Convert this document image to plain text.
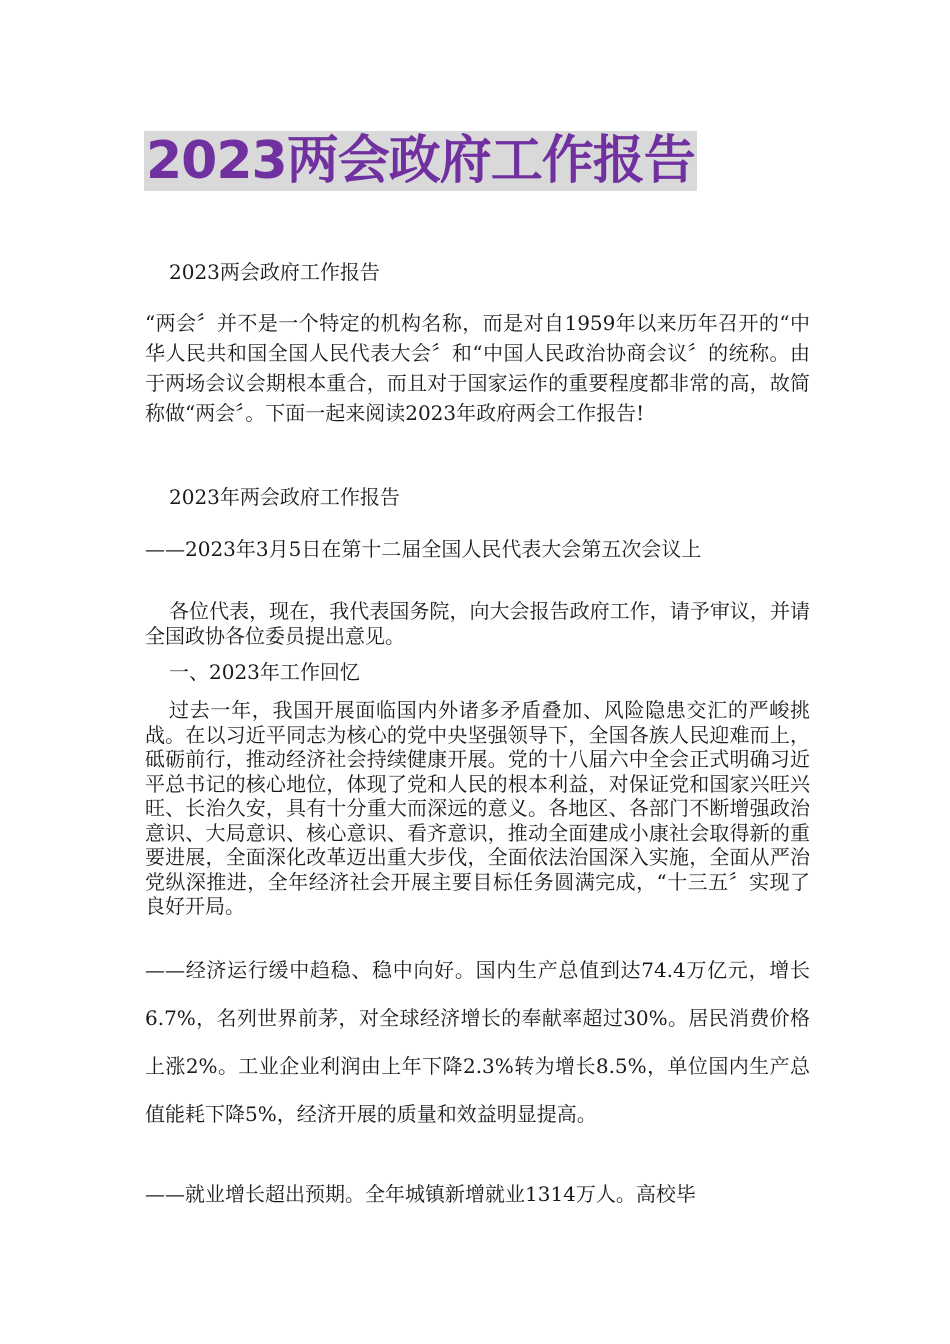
2023两会政府工作报告

2023两会政府工作报告

“两会〞并不是一个特定的机构名称，而是对自1959年以来历年召开的“中华人民共和国全国人民代表大会〞和“中国人民政治协商会议〞的统称。由于两场会议会期根本重合，而且对于国家运作的重要程度都非常的高，故简称做“两会〞。下面一起来阅读2023年政府两会工作报告!

2023年两会政府工作报告

——2023年3月5日在第十二届全国人民代表大会第五次会议上

各位代表，现在，我代表国务院，向大会报告政府工作，请予审议，并请全国政协各位委员提出意见。

一、2023年工作回忆

过去一年，我国开展面临国内外诸多矛盾叠加、风险隐患交汇的严峻挑战。在以习近平同志为核心的党中央坚强领导下，全国各族人民迎难而上，砥砺前行，推动经济社会持续健康开展。党的十八届六中全会正式明确习近平总书记的核心地位，体现了党和人民的根本利益，对保证党和国家兴旺兴旺、长治久安，具有十分重大而深远的意义。各地区、各部门不断增强政治意识、大局意识、核心意识、看齐意识，推动全面建成小康社会取得新的重要进展，全面深化改革迈出重大步伐，全面依法治国深入实施，全面从严治党纵深推进，全年经济社会开展主要目标任务圆满完成，“十三五〞实现了良好开局。

——经济运行缓中趋稳、稳中向好。国内生产总值到达74.4万亿元，增长6.7%，名列世界前茅，对全球经济增长的奉献率超过30%。居民消费价格上涨2%。工业企业利润由上年下降2.3%转为增长8.5%，单位国内生产总值能耗下降5%，经济开展的质量和效益明显提高。

——就业增长超出预期。全年城镇新增就业1314万人。高校毕
